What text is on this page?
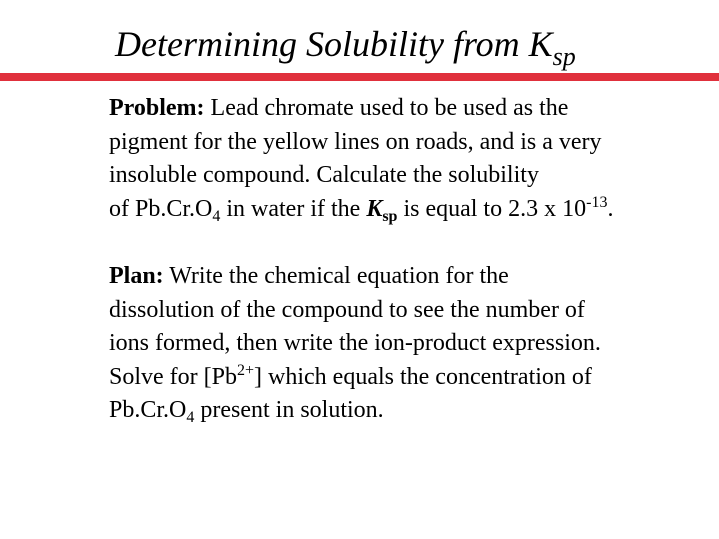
Determining Solubility from $K_{sp}$
Problem: Lead chromate used to be used as the
pigment for the yellow lines on roads, and is a very
insoluble compound. Calculate the solubility
of $Pb.Cr.O_4$ in water if the $K_{sp}$ is equal to 2.3 x $10^{-13}$.
Plan: Write the chemical equation for the
dissolution of the compound to see the number of
ions formed, then write the ion-product expression.
Solve for $[Pb^{2+}]$ which equals the concentration of
$Pb.Cr.O_4$ present in solution.
